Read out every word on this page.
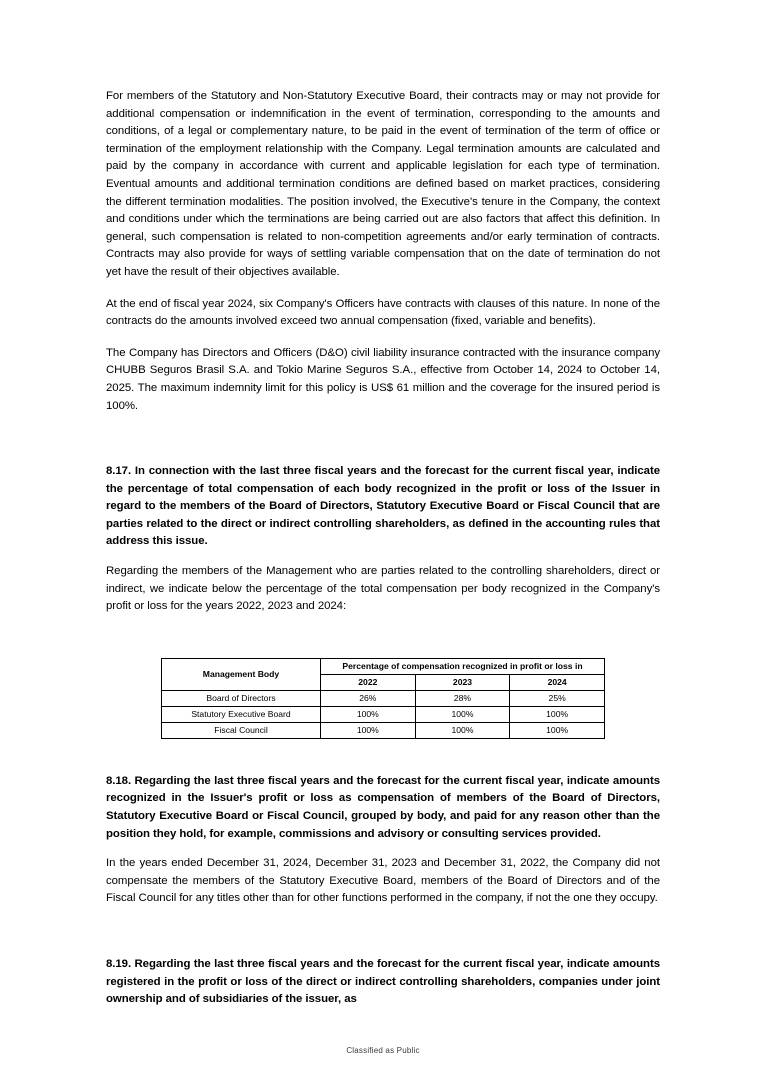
For members of the Statutory and Non-Statutory Executive Board, their contracts may or may not provide for additional compensation or indemnification in the event of termination, corresponding to the amounts and conditions, of a legal or complementary nature, to be paid in the event of termination of the term of office or termination of the employment relationship with the Company. Legal termination amounts are calculated and paid by the company in accordance with current and applicable legislation for each type of termination. Eventual amounts and additional termination conditions are defined based on market practices, considering the different termination modalities. The position involved, the Executive's tenure in the Company, the context and conditions under which the terminations are being carried out are also factors that affect this definition. In general, such compensation is related to non-competition agreements and/or early termination of contracts. Contracts may also provide for ways of settling variable compensation that on the date of termination do not yet have the result of their objectives available.

At the end of fiscal year 2024, six Company's Officers have contracts with clauses of this nature. In none of the contracts do the amounts involved exceed two annual compensation (fixed, variable and benefits).

The Company has Directors and Officers (D&O) civil liability insurance contracted with the insurance company CHUBB Seguros Brasil S.A. and Tokio Marine Seguros S.A., effective from October 14, 2024 to October 14, 2025. The maximum indemnity limit for this policy is US$ 61 million and the coverage for the insured period is 100%.

8.17. In connection with the last three fiscal years and the forecast for the current fiscal year, indicate the percentage of total compensation of each body recognized in the profit or loss of the Issuer in regard to the members of the Board of Directors, Statutory Executive Board or Fiscal Council that are parties related to the direct or indirect controlling shareholders, as defined in the accounting rules that address this issue.

Regarding the members of the Management who are parties related to the controlling shareholders, direct or indirect, we indicate below the percentage of the total compensation per body recognized in the Company's profit or loss for the years 2022, 2023 and 2024:

Management Body	Percentage of compensation recognized in profit or loss in		
	2022	2023	2024
Board of Directors	26%	28%	25%
Statutory Executive Board	100%	100%	100%
Fiscal Council	100%	100%	100%

8.18. Regarding the last three fiscal years and the forecast for the current fiscal year, indicate amounts recognized in the Issuer's profit or loss as compensation of members of the Board of Directors, Statutory Executive Board or Fiscal Council, grouped by body, and paid for any reason other than the position they hold, for example, commissions and advisory or consulting services provided.

In the years ended December 31, 2024, December 31, 2023 and December 31, 2022, the Company did not compensate the members of the Statutory Executive Board, members of the Board of Directors and of the Fiscal Council for any titles other than for other functions performed in the company, if not the one they occupy.

8.19. Regarding the last three fiscal years and the forecast for the current fiscal year, indicate amounts registered in the profit or loss of the direct or indirect controlling shareholders, companies under joint ownership and of subsidiaries of the issuer, as

Classified as Public
